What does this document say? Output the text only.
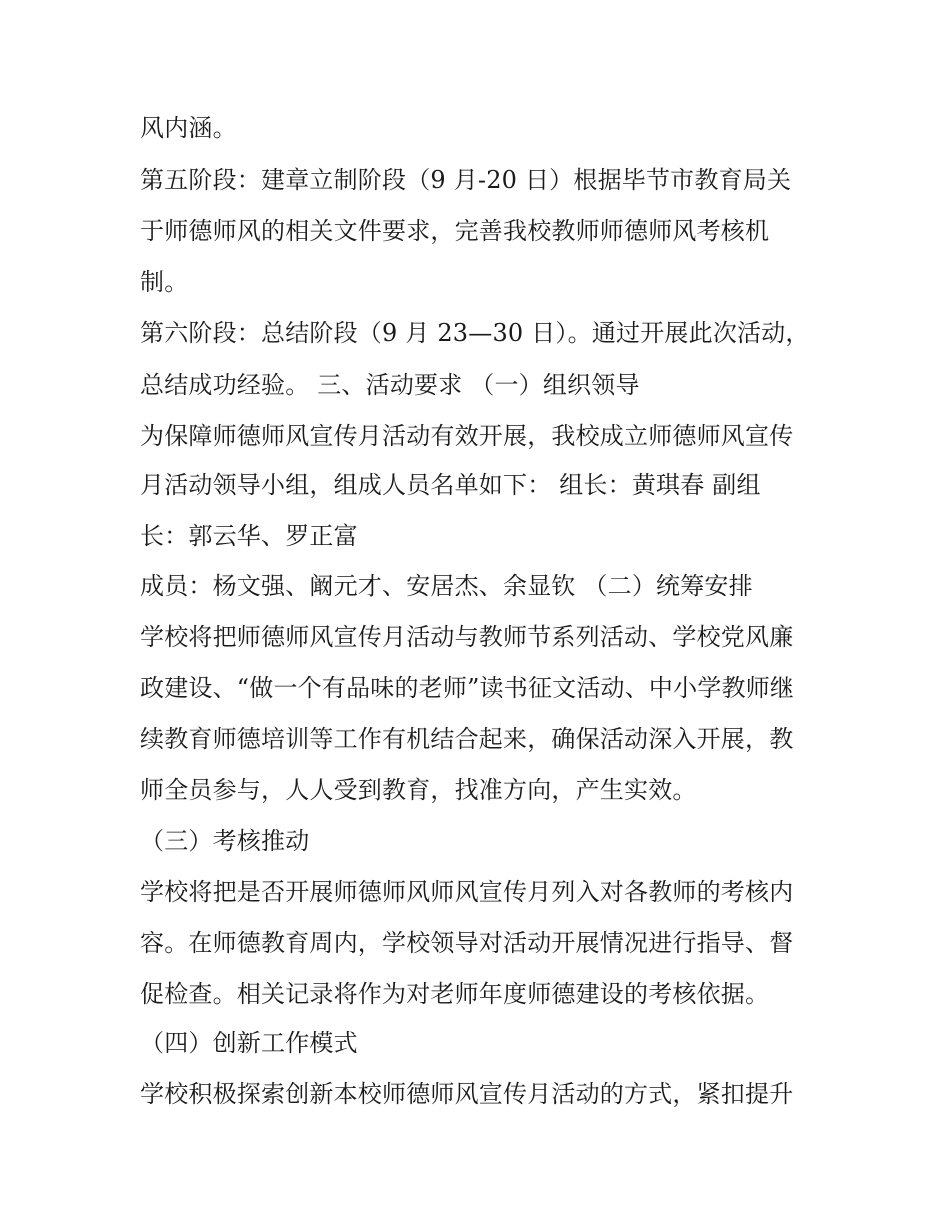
风内涵。
第五阶段：建章立制阶段（9 月-20 日）根据毕节市教育局关
于师德师风的相关文件要求，完善我校教师师德师风考核机
制。
第六阶段：总结阶段（9 月 23—30 日）。通过开展此次活动，
总结成功经验。 三、活动要求 （一）组织领导
为保障师德师风宣传月活动有效开展，我校成立师德师风宣传
月活动领导小组，组成人员名单如下： 组长：黄琪春 副组
长：郭云华、罗正富
成员：杨文强、阚元才、安居杰、余显钦 （二）统筹安排
学校将把师德师风宣传月活动与教师节系列活动、学校党风廉
政建设、“做一个有品味的老师”读书征文活动、中小学教师继
续教育师德培训等工作有机结合起来，确保活动深入开展，教
师全员参与，人人受到教育，找准方向，产生实效。
（三）考核推动
学校将把是否开展师德师风师风宣传月列入对各教师的考核内
容。在师德教育周内，学校领导对活动开展情况进行指导、督
促检查。相关记录将作为对老师年度师德建设的考核依据。
（四）创新工作模式
学校积极探索创新本校师德师风宣传月活动的方式，紧扣提升
